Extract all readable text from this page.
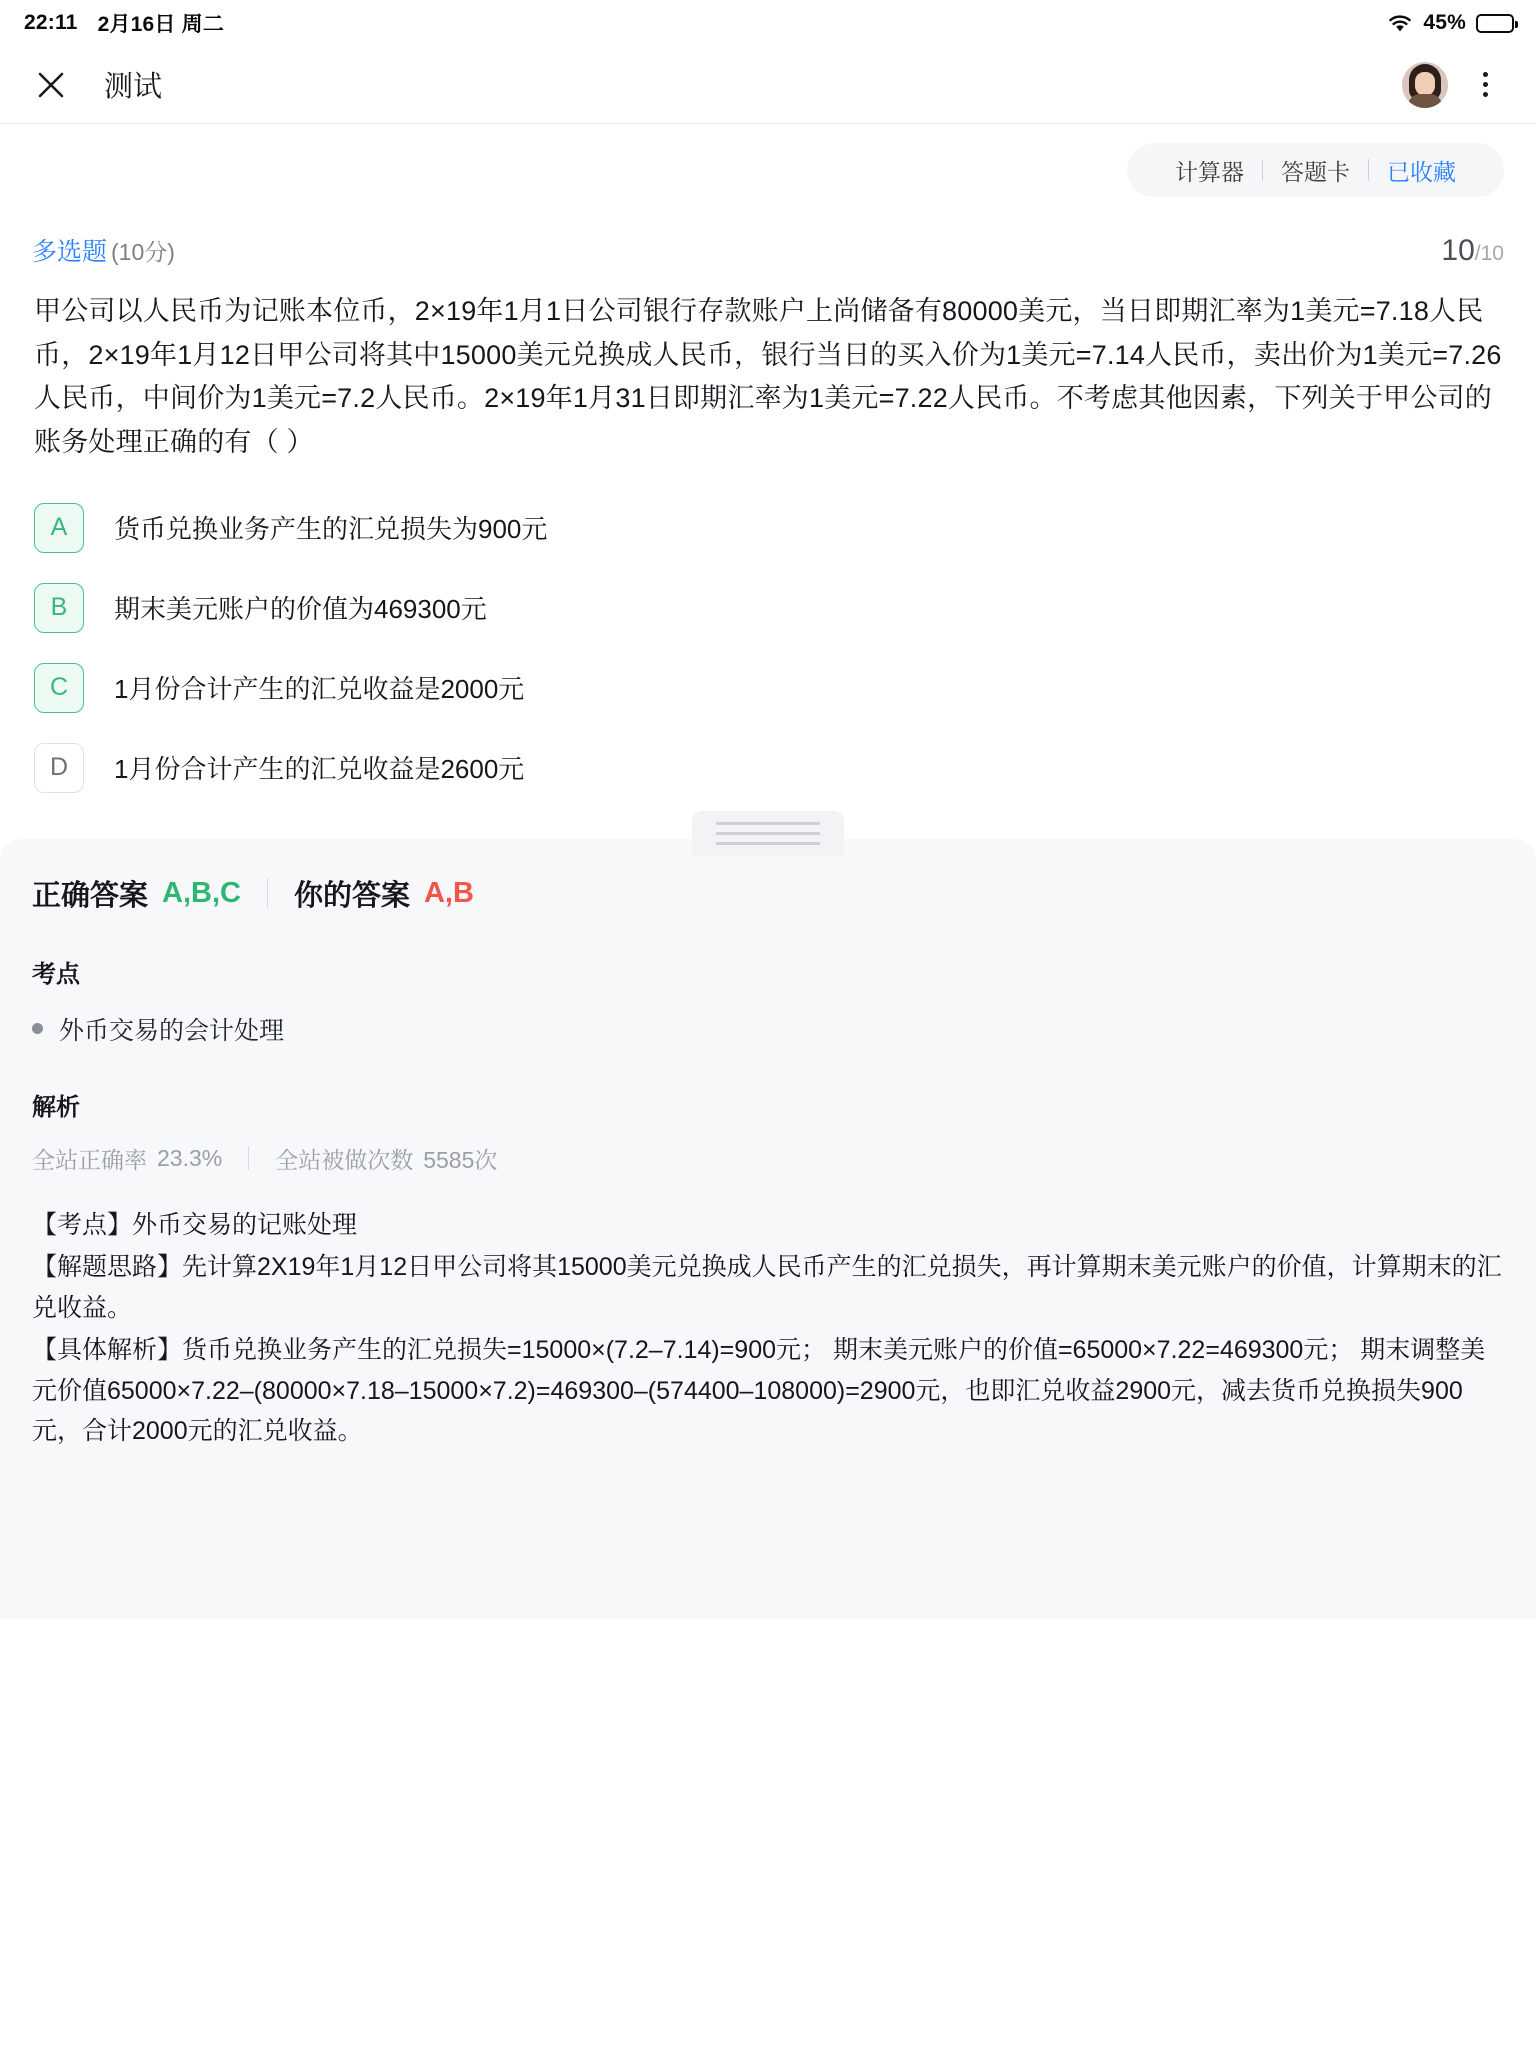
22:11 2月16日 周二	45%
测试
计算器	答题卡	已收藏
多选题 (10分)	10 /10
甲公司以人民币为记账本位币，2×19年1月1日公司银行存款账户上尚储备有80000美元，当日即期汇率为1美元=7.18人民币，2×19年1月12日甲公司将其中15000美元兑换成人民币，银行当日的买入价为1美元=7.14人民币，卖出价为1美元=7.26人民币，中间价为1美元=7.2人民币。2×19年1月31日即期汇率为1美元=7.22人民币。不考虑其他因素，下列关于甲公司的账务处理正确的有（ ）
A	货币兑换业务产生的汇兑损失为900元
B	期末美元账户的价值为469300元
C	1月份合计产生的汇兑收益是2000元
D	1月份合计产生的汇兑收益是2600元
正确答案 A,B,C 你的答案 A,B
考点
外币交易的会计处理
解析
全站正确率 23.3% 全站被做次数 5585次

【考点】外币交易的记账处理

【解题思路】先计算2X19年1月12日甲公司将其15000美元兑换成人民币产生的汇兑损失，再计算期末美元账户的价值，计算期末的汇兑收益。

【具体解析】货币兑换业务产生的汇兑损失=15000×(7.2–7.14)=900元； 期末美元账户的价值=65000×7.22=469300元； 期末调整美元价值65000×7.22–(80000×7.18–15000×7.2)=469300–(574400–108000)=2900元，也即汇兑收益2900元，减去货币兑换损失900元，合计2000元的汇兑收益。
